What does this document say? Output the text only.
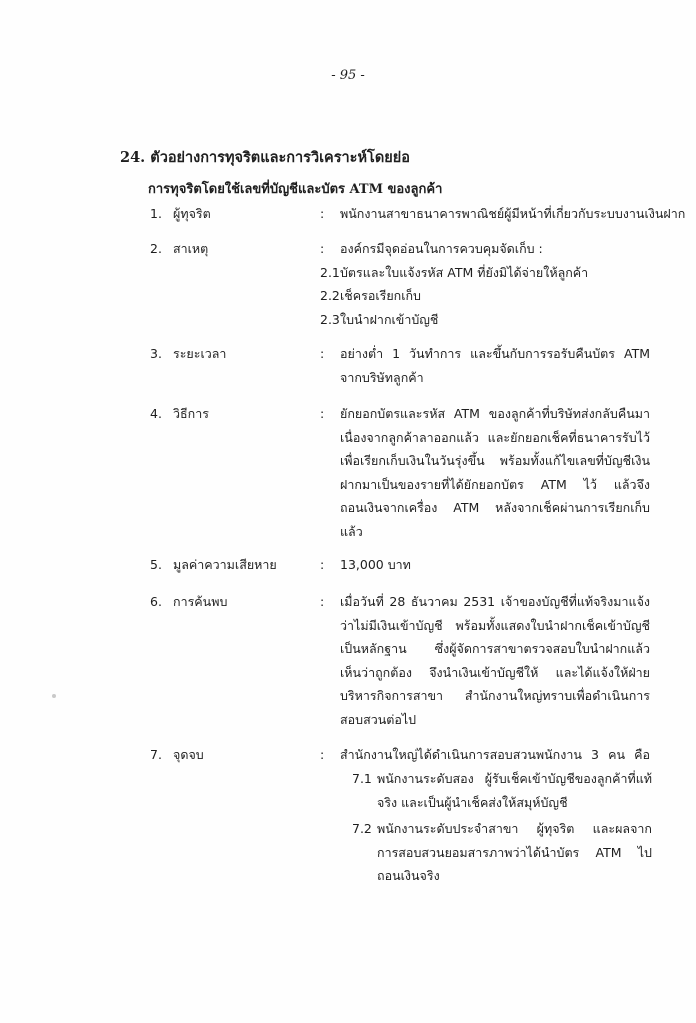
- 95 -
24. ตัวอย่างการทุจริตและการวิเคราะห์โดยย่อ
การทุจริตโดยใช้เลขที่บัญชีและบัตร ATM ของลูกค้า
1. ผู้ทุจริต	: พนักงานสาขาธนาคารพาณิชย์ผู้มีหน้าที่เกี่ยวกับระบบงานเงินฝาก
2. สาเหตุ	: องค์กรมีจุดอ่อนในการควบคุมจัดเก็บ :
2.1 บัตรและใบแจ้งรหัส ATM ที่ยังมิได้จ่ายให้ลูกค้า
2.2 เช็ครอเรียกเก็บ
2.3 ใบนำฝากเข้าบัญชี
3. ระยะเวลา	: อย่างต่ำ 1 วันทำการ และขึ้นกับการรอรับคืนบัตร ATM
จากบริษัทลูกค้า
4. วิธีการ	: ยักยอกบัตรและรหัส ATM ของลูกค้าที่บริษัทส่งกลับคืนมา
เนื่องจากลูกค้าลาออกแล้ว และยักยอกเช็คที่ธนาคารรับไว้
เพื่อเรียกเก็บเงินในวันรุ่งขึ้น พร้อมทั้งแก้ไขเลขที่บัญชีเงิน
ฝากมาเป็นของรายที่ได้ยักยอกบัตร ATM ไว้ แล้วจึง
ถอนเงินจากเครื่อง ATM หลังจากเช็คผ่านการเรียกเก็บ
แล้ว
5. มูลค่าความเสียหาย	: 13,000 บาท
6. การค้นพบ	: เมื่อวันที่ 28 ธันวาคม 2531 เจ้าของบัญชีที่แท้จริงมาแจ้ง
ว่าไม่มีเงินเข้าบัญชี พร้อมทั้งแสดงใบนำฝากเช็คเข้าบัญชี
เป็นหลักฐาน ซึ่งผู้จัดการสาขาตรวจสอบใบนำฝากแล้ว
เห็นว่าถูกต้อง จึงนำเงินเข้าบัญชีให้ และได้แจ้งให้ฝ่าย
บริหารกิจการสาขา สำนักงานใหญ่ทราบเพื่อดำเนินการ
สอบสวนต่อไป
7. จุดจบ	: สำนักงานใหญ่ได้ดำเนินการสอบสวนพนักงาน 3 คน คือ
7.1 พนักงานระดับสอง ผู้รับเช็คเข้าบัญชีของลูกค้าที่แท้
จริง และเป็นผู้นำเช็คส่งให้สมุห์บัญชี
7.2 พนักงานระดับประจำสาขา ผู้ทุจริต และผลจาก
การสอบสวนยอมสารภาพว่าได้นำบัตร ATM ไป
ถอนเงินจริง
